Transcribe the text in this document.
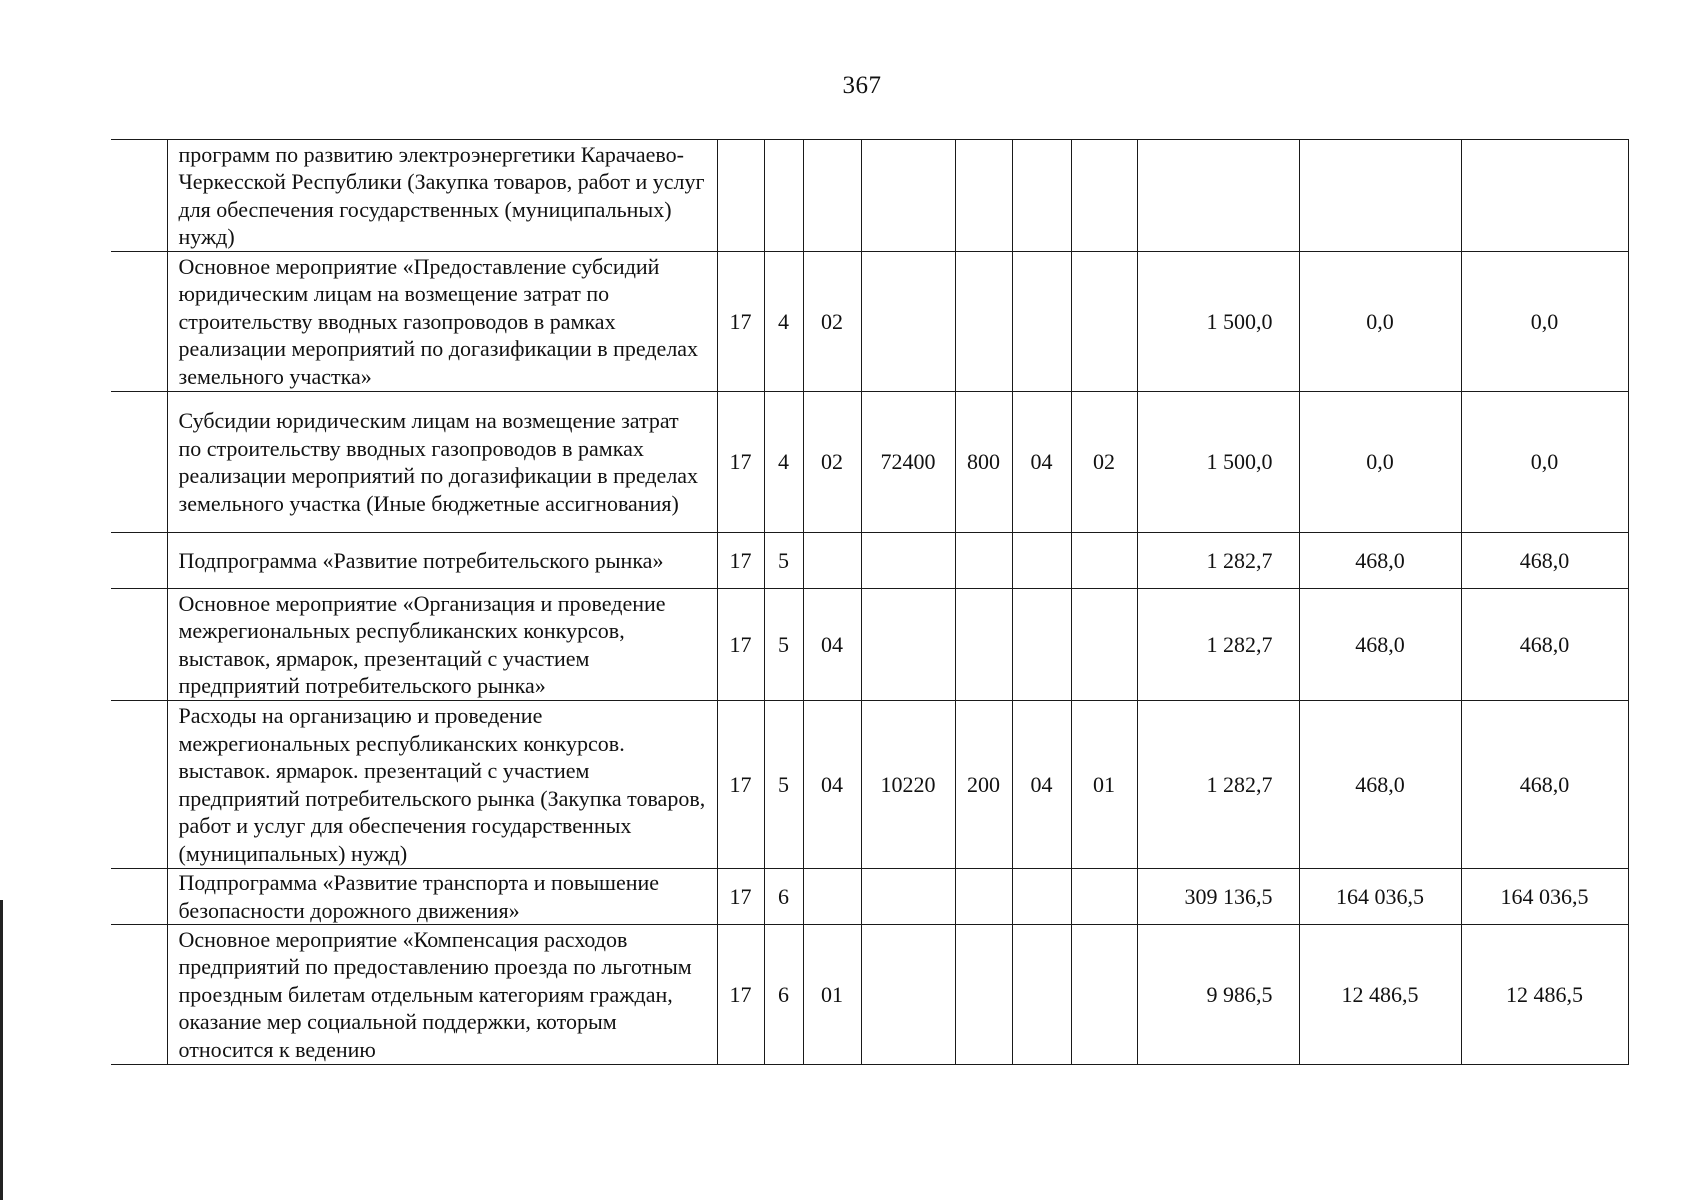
367
	программ по развитию электроэнергетики Карачаево-Черкесской Республики (Закупка товаров, работ и услуг для обеспечения государственных (муниципальных) нужд)										
	Основное мероприятие «Предоставление субсидий юридическим лицам на возмещение затрат по строительству вводных газопроводов в рамках реализации мероприятий по догазификации в пределах земельного участка»	17	4	02					1 500,0	0,0	0,0
	Субсидии юридическим лицам на возмещение затрат по строительству вводных газопроводов в рамках реализации мероприятий по догазификации в пределах земельного участка (Иные бюджетные ассигнования)	17	4	02	72400	800	04	02	1 500,0	0,0	0,0
	Подпрограмма «Развитие потребительского рынка»	17	5						1 282,7	468,0	468,0
	Основное мероприятие «Организация и проведение межрегиональных республиканских конкурсов, выставок, ярмарок, презентаций с участием предприятий потребительского рынка»	17	5	04					1 282,7	468,0	468,0
	Расходы на организацию и проведение межрегиональных республиканских конкурсов. выставок. ярмарок. презентаций с участием предприятий потребительского рынка (Закупка товаров, работ и услуг для обеспечения государственных (муниципальных) нужд)	17	5	04	10220	200	04	01	1 282,7	468,0	468,0
	Подпрограмма «Развитие транспорта и повышение безопасности дорожного движения»	17	6						309 136,5	164 036,5	164 036,5
	Основное мероприятие «Компенсация расходов предприятий по предоставлению проезда по льготным проездным билетам отдельным категориям граждан, оказание мер социальной поддержки, которым относится к ведению	17	6	01					9 986,5	12 486,5	12 486,5
